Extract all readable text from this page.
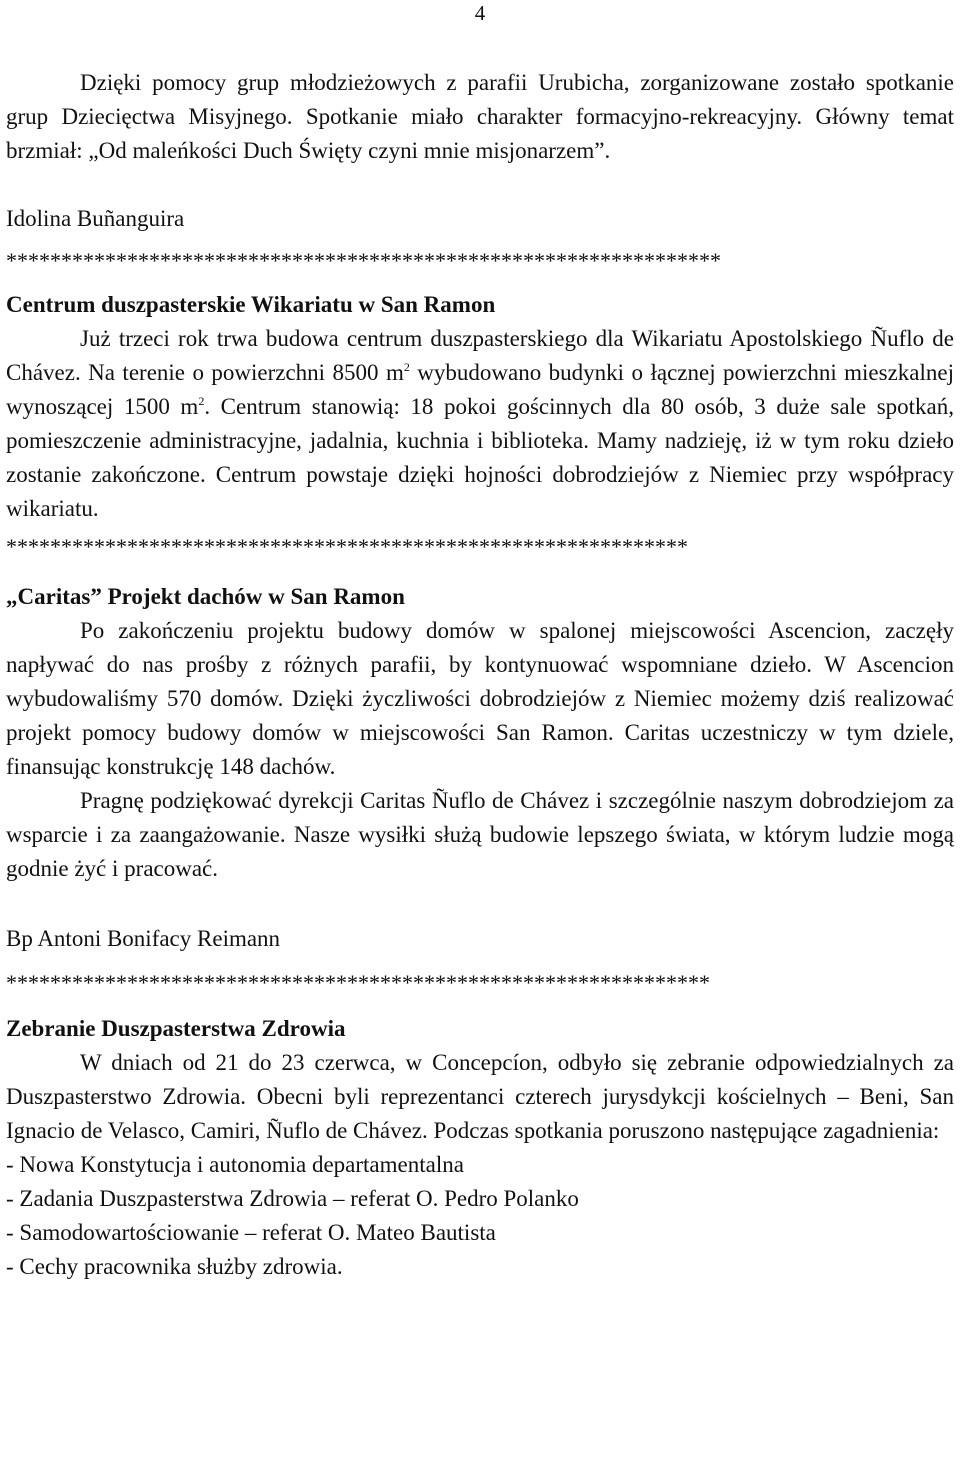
4

Dzięki pomocy grup młodzieżowych z parafii Urubicha, zorganizowane zostało spotkanie grup Dziecięctwa Misyjnego. Spotkanie miało charakter formacyjno-rekreacyjny. Główny temat brzmiał: „Od maleńkości Duch Święty czyni mnie misjonarzem”.

Idolina Buñanguira

*****************************************************************

Centrum duszpasterskie Wikariatu w San Ramon

Już trzeci rok trwa budowa centrum duszpasterskiego dla Wikariatu Apostolskiego Ñuflo de Chávez. Na terenie o powierzchni 8500 $m^2$ wybudowano budynki o łącznej powierzchni mieszkalnej wynoszącej 1500 $m^2$. Centrum stanowią: 18 pokoi gościnnych dla 80 osób, 3 duże sale spotkań, pomieszczenie administracyjne, jadalnia, kuchnia i biblioteka. Mamy nadzieję, iż w tym roku dzieło zostanie zakończone. Centrum powstaje dzięki hojności dobrodziejów z Niemiec przy współpracy wikariatu.

**************************************************************

„Caritas” Projekt dachów w San Ramon

Po zakończeniu projektu budowy domów w spalonej miejscowości Ascencion, zaczęły napływać do nas prośby z różnych parafii, by kontynuować wspomniane dzieło. W Ascencion wybudowaliśmy 570 domów. Dzięki życzliwości dobrodziejów z Niemiec możemy dziś realizować projekt pomocy budowy domów w miejscowości San Ramon. Caritas uczestniczy w tym dziele, finansując konstrukcję 148 dachów.

Pragnę podziękować dyrekcji Caritas Ñuflo de Chávez i szczególnie naszym dobrodziejom za wsparcie i za zaangażowanie. Nasze wysiłki służą budowie lepszego świata, w którym ludzie mogą godnie żyć i pracować.

Bp Antoni Bonifacy Reimann

****************************************************************

Zebranie Duszpasterstwa Zdrowia

W dniach od 21 do 23 czerwca, w Concepcíon, odbyło się zebranie odpowiedzialnych za Duszpasterstwo Zdrowia. Obecni byli reprezentanci czterech jurysdykcji kościelnych – Beni, San Ignacio de Velasco, Camiri, Ñuflo de Chávez. Podczas spotkania poruszono następujące zagadnienia:

- Nowa Konstytucja i autonomia departamentalna

- Zadania Duszpasterstwa Zdrowia – referat O. Pedro Polanko

- Samodowartościowanie – referat O. Mateo Bautista

- Cechy pracownika służby zdrowia.
